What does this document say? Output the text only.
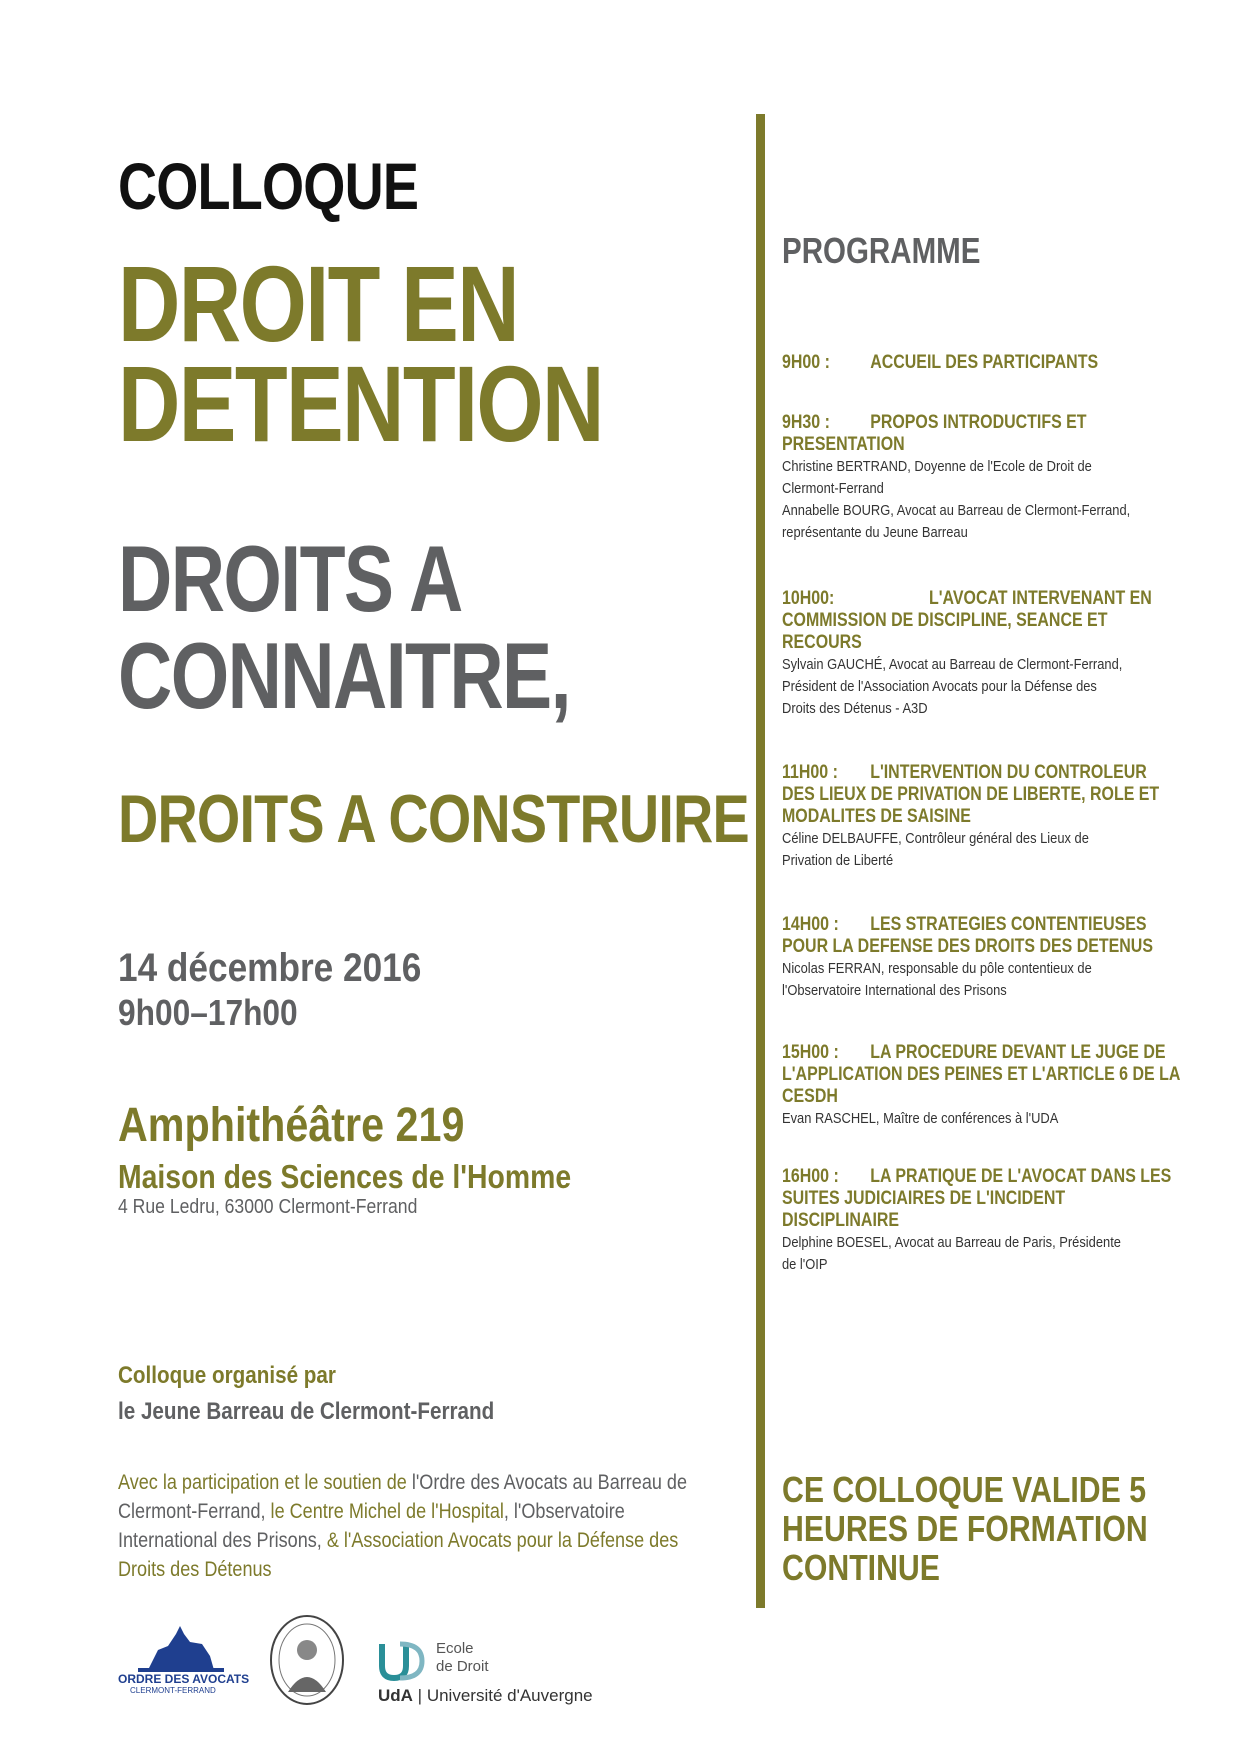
COLLOQUE
DROIT EN
DETENTION
DROITS A
CONNAITRE,
DROITS A CONSTRUIRE
14 décembre 2016
9h00–17h00
Amphithéâtre 219
Maison des Sciences de l'Homme
4 Rue Ledru, 63000 Clermont-Ferrand
Colloque organisé par
le Jeune Barreau de Clermont-Ferrand
Avec la participation et le soutien de l'Ordre des Avocats au Barreau de
Clermont-Ferrand, le Centre Michel de l'Hospital, l'Observatoire
International des Prisons, & l'Association Avocats pour la Défense des
Droits des Détenus
PROGRAMME
9H00 : ACCUEIL DES PARTICIPANTS
9H30 : PROPOS INTRODUCTIFS ET
PRESENTATION
Christine BERTRAND, Doyenne de l'Ecole de Droit de
Clermont-Ferrand
Annabelle BOURG, Avocat au Barreau de Clermont-Ferrand,
représentante du Jeune Barreau
10H00:	L'AVOCAT INTERVENANT EN
COMMISSION DE DISCIPLINE, SEANCE ET
RECOURS
Sylvain GAUCHÉ, Avocat au Barreau de Clermont-Ferrand,
Président de l'Association Avocats pour la Défense des
Droits des Détenus - A3D
11H00 : L'INTERVENTION DU CONTROLEUR
DES LIEUX DE PRIVATION DE LIBERTE, ROLE ET
MODALITES DE SAISINE
Céline DELBAUFFE, Contrôleur général des Lieux de
Privation de Liberté
14H00 : LES STRATEGIES CONTENTIEUSES
POUR LA DEFENSE DES DROITS DES DETENUS
Nicolas FERRAN, responsable du pôle contentieux de
l'Observatoire International des Prisons
15H00 : LA PROCEDURE DEVANT LE JUGE DE
L'APPLICATION DES PEINES ET L'ARTICLE 6 DE LA
CESDH
Evan RASCHEL, Maître de conférences à l'UDA
16H00 : LA PRATIQUE DE L'AVOCAT DANS LES
SUITES JUDICIAIRES DE L'INCIDENT
DISCIPLINAIRE
Delphine BOESEL, Avocat au Barreau de Paris, Présidente
de l'OIP
CE COLLOQUE VALIDE 5
HEURES DE FORMATION
CONTINUE
ORDRE DES AVOCATS
CLERMONT-FERRAND
Ecole
de Droit
UdA | Université d'Auvergne
